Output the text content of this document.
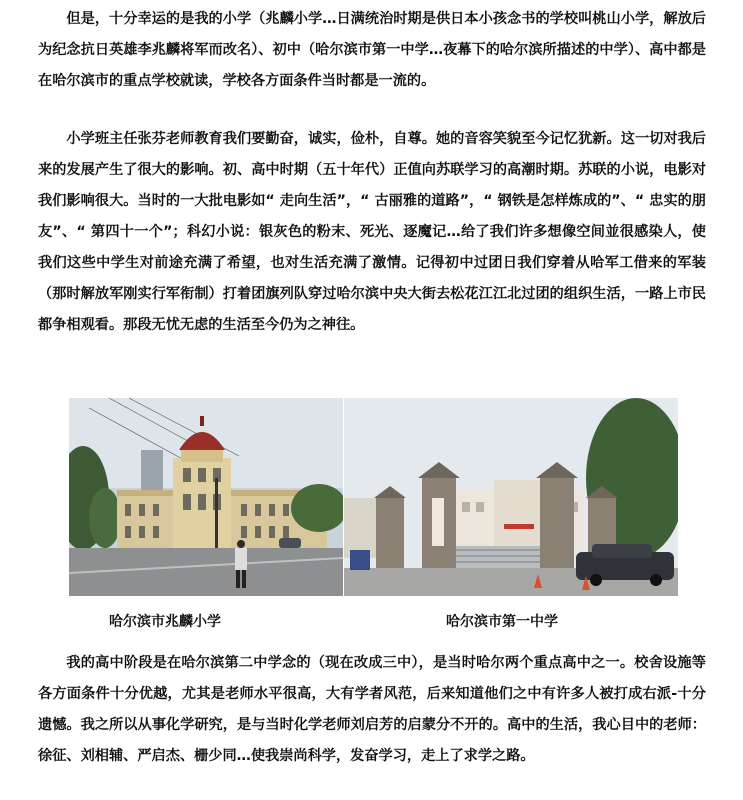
但是，十分幸运的是我的小学（兆麟小学…日满统治时期是供日本小孩念书的学校叫桃山小学，解放后为纪念抗日英雄李兆麟将军而改名）、初中（哈尔滨市第一中学…夜幕下的哈尔滨所描述的中学）、高中都是在哈尔滨市的重点学校就读，学校各方面条件当时都是一流的。

小学班主任张芬老师教育我们要勤奋，诚实，俭朴，自尊。她的音容笑貌至今记忆犹新。这一切对我后来的发展产生了很大的影响。初、高中时期（五十年代）正值向苏联学习的高潮时期。苏联的小说，电影对我们影响很大。当时的一大批电影如“ 走向生活”，“ 古丽雅的道路”，“ 钢铁是怎样炼成的”、“ 忠实的朋友”、“ 第四十一个”；科幻小说：银灰色的粉末、死光、逐魔记…给了我们许多想像空间並很感染人，使我们这些中学生对前途充满了希望，也对生活充满了激情。记得初中过团日我们穿着从哈军工借来的军装（那时解放军刚实行军衔制）打着团旗列队穿过哈尔滨中央大街去松花江江北过团的组织生活，一路上市民都争相观看。那段无忧无虑的生活至今仍为之神往。

哈尔滨市兆麟小学	哈尔滨市第一中学

我的高中阶段是在哈尔滨第二中学念的（现在改成三中），是当时哈尔两个重点高中之一。校舍设施等各方面条件十分优越，尤其是老师水平很高，大有学者风范，后来知道他们之中有许多人被打成右派-十分遗憾。我之所以从事化学研究，是与当时化学老师刘启芳的启蒙分不开的。高中的生活，我心目中的老师：徐征、刘相辅、严启杰、栅少同…使我崇尚科学，发奋学习，走上了求学之路。
